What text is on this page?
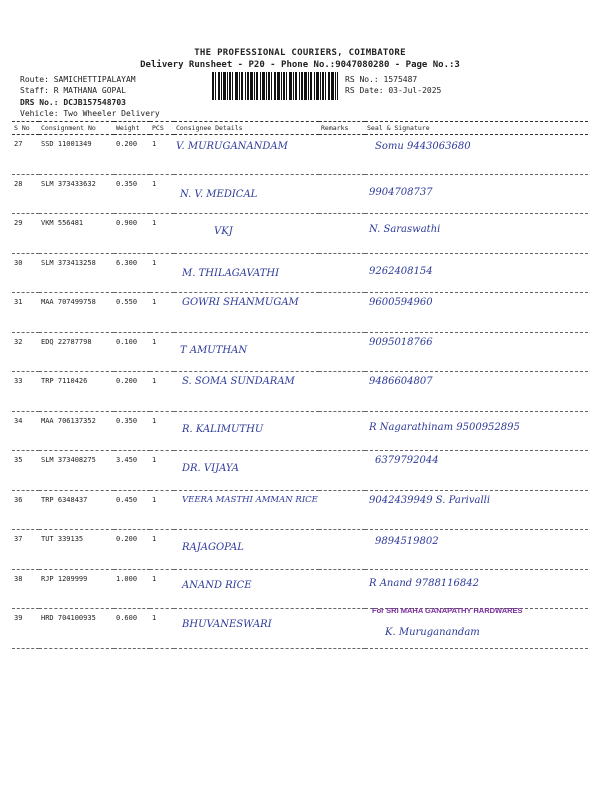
THE PROFESSIONAL COURIERS, COIMBATORE
Delivery Runsheet - P20 - Phone No.:9047080280 - Page No.:3
Route: SAMICHETTIPALAYAM
Staff: R MATHANA GOPAL
DRS No.: DCJB157548703
Vehicle: Two Wheeler Delivery
RS No.: 1575487
RS Date: 03-Jul-2025
S No	Consignment No	Weight	PCS	Consignee Details	Remarks	Seal & Signature
27	SSD 11001349	0.200	1	V. MURUGANANDAM		Somu 9443063680

28	SLM 373433632	0.350	1	N. V. MEDICAL		9904708737

29	VKM 556481	0.900	1	VKJ		N. Saraswathi

30	SLM 373413258	6.300	1	M. THILAGAVATHI		9262408154

31	MAA 707499758	0.550	1	GOWRI SHANMUGAM		9600594960

32	EDQ 22787798	0.100	1	T AMUTHAN		9095018766

33	TRP 7110426	0.200	1	S. SOMA SUNDARAM		9486604807

34	MAA 706137352	0.350	1	R. KALIMUTHU		R Nagarathinam 9500952895

35	SLM 373408275	3.450	1	DR. VIJAYA		6379792044

36	TRP 6348437	0.450	1	VEERA MASTHI AMMAN RICE		9042439949 S. Parivalli

37	TUT 339135	0.200	1	RAJAGOPAL		9894519802

38	RJP 1209999	1.000	1	ANAND RICE		R Anand 9788116842

39	HRD 704100935	0.600	1	BHUVANESWARI		K. Muruganandam
For SRI MAHA GANAPATHY HARDWARES
